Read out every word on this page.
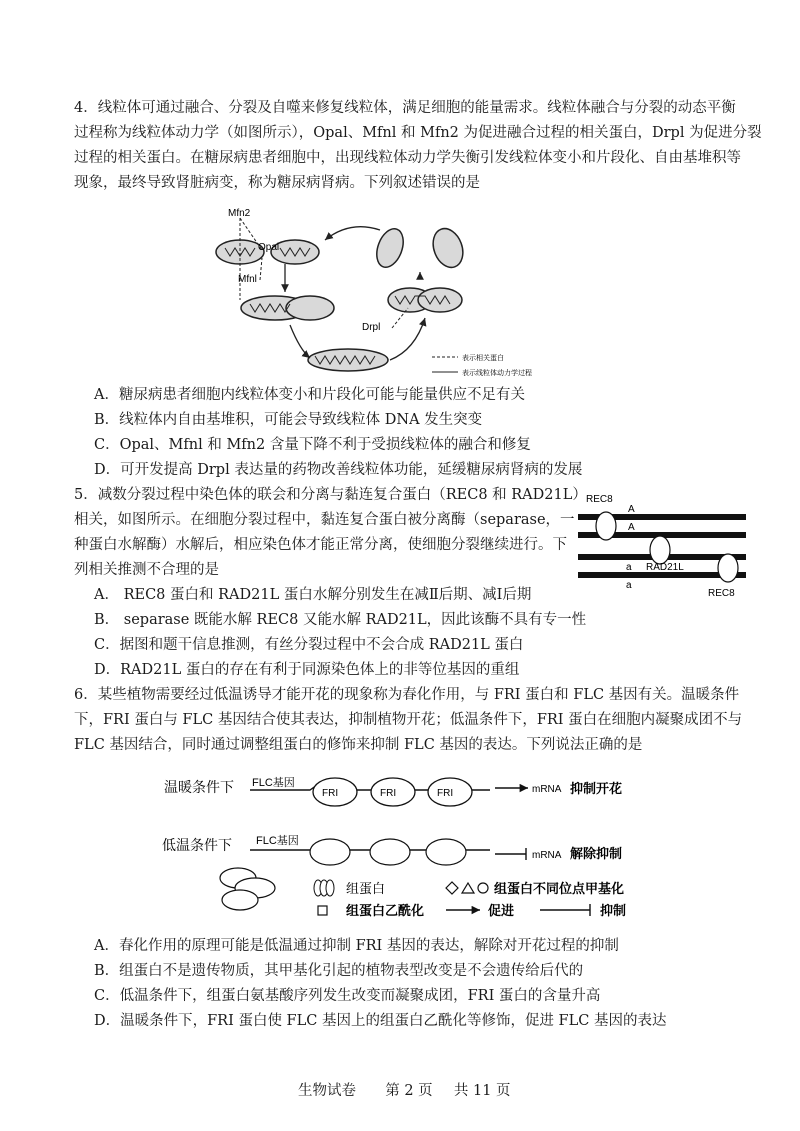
4．线粒体可通过融合、分裂及自噬来修复线粒体，满足细胞的能量需求。线粒体融合与分裂的动态平衡
过程称为线粒体动力学（如图所示），Opal、Mfnl 和 Mfn2 为促进融合过程的相关蛋白，Drpl 为促进分裂
过程的相关蛋白。在糖尿病患者细胞中，出现线粒体动力学失衡引发线粒体变小和片段化、自由基堆积等
现象，最终导致肾脏病变，称为糖尿病肾病。下列叙述错误的是
Mfn2
Opal
Mfnl
Drpl
表示相关蛋白
表示线粒体动力学过程
A．糖尿病患者细胞内线粒体变小和片段化可能与能量供应不足有关
B．线粒体内自由基堆积，可能会导致线粒体 DNA 发生突变
C．Opal、Mfnl 和 Mfn2 含量下降不利于受损线粒体的融合和修复
D．可开发提高 Drpl 表达量的药物改善线粒体功能，延缓糖尿病肾病的发展
5．减数分裂过程中染色体的联会和分离与黏连复合蛋白（REC8 和 RAD21L）
相关，如图所示。在细胞分裂过程中，黏连复合蛋白被分离酶（separase，一
种蛋白水解酶）水解后，相应染色体才能正常分离，使细胞分裂继续进行。下
列相关推测不合理的是
REC8
A
A
RAD21L
a
a
REC8
A． REC8 蛋白和 RAD21L 蛋白水解分别发生在减Ⅱ后期、减Ⅰ后期
B． separase 既能水解 REC8 又能水解 RAD21L，因此该酶不具有专一性
C．据图和题干信息推测，有丝分裂过程中不会合成 RAD21L 蛋白
D．RAD21L 蛋白的存在有利于同源染色体上的非等位基因的重组
6．某些植物需要经过低温诱导才能开花的现象称为春化作用，与 FRI 蛋白和 FLC 基因有关。温暖条件
下，FRI 蛋白与 FLC 基因结合使其表达，抑制植物开花；低温条件下，FRI 蛋白在细胞内凝聚成团不与
FLC 基因结合，同时通过调整组蛋白的修饰来抑制 FLC 基因的表达。下列说法正确的是
温暖条件下
低温条件下
FLC基因
FRI	FRI	FRI	mRNA 抑制开花
FLC基因
mRNA 解除抑制
组蛋白	组蛋白不同位点甲基化
组蛋白乙酰化	促进	抑制
A．春化作用的原理可能是低温通过抑制 FRI 基因的表达，解除对开花过程的抑制
B．组蛋白不是遗传物质，其甲基化引起的植物表型改变是不会遗传给后代的
C．低温条件下，组蛋白氨基酸序列发生改变而凝聚成团，FRI 蛋白的含量升高
D．温暖条件下，FRI 蛋白使 FLC 基因上的组蛋白乙酰化等修饰，促进 FLC 基因的表达
生物试卷 第 2 页 共 11 页
